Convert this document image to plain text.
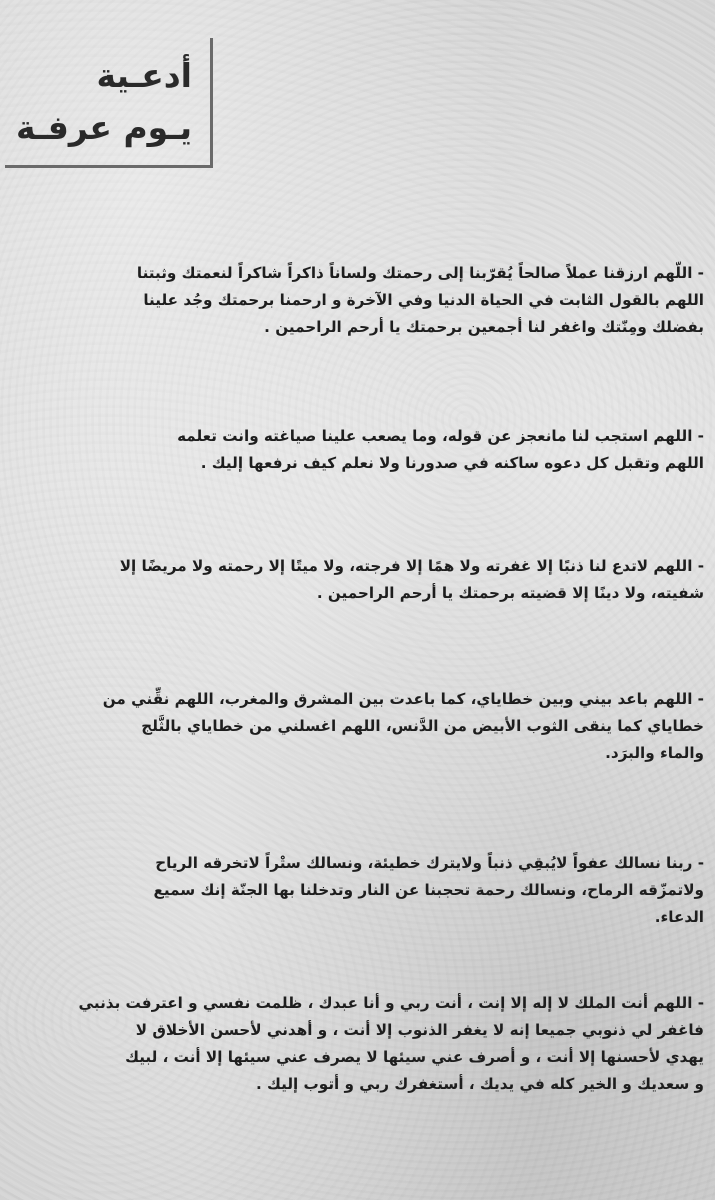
أدعـية
يـوم عرفـة
- اللّهم ارزقنا عملاً صالحاً يُقرّبنا إلى رحمتك ولساناً ذاكراً شاكراً لنعمتك وثبتنا
اللهم بالقول الثابت في الحياة الدنيا وفي الآخرة و ارحمنا برحمتك وجُد علينا
بفضلك ومِنّتك واغفر لنا أجمعين برحمتك يا أرحم الراحمين .
- اللهم استجب لنا مانعجز عن قوله، وما يصعب علينا صياغته وانت تعلمه
اللهم وتقبل كل دعوه ساكنه في صدورنا ولا نعلم كيف نرفعها إليك .
- اللهم لاتدع لنا ذنبًا إلا غفرته ولا همًا إلا فرجته، ولا ميتًا إلا رحمته ولا مريضًا إلا
شفيته، ولا دينًا إلا قضيته برحمتك يا أرحم الراحمين .
- اللهم باعد بيني وبين خطاياي، كما باعدت بين المشرق والمغرب، اللهم نقِّني من
خطاياي كما ينقى الثوب الأبيض من الدَّنس، اللهم اغسلني من خطاياي بالثَّلج
والماء والبرَد.
- ربنا نسالك عفواً لايُبقِي ذنباً ولايترك خطيئة، ونسالك ستْراً لاتخرقه الرياح
ولاتمزّقه الرماح، ونسالك رحمة تحجبنا عن النار وتدخلنا بها الجنّة إنك سميع
الدعاء.
- اللهم أنت الملك لا إله إلا إنت ، أنت ربي و أنا عبدك ، ظلمت نفسي و اعترفت بذنبي
فاغفر لي ذنوبي جميعا إنه لا يغفر الذنوب إلا أنت ، و أهدني لأحسن الأخلاق لا
يهدي لأحسنها إلا أنت ، و أصرف عني سيئها لا يصرف عني سيئها إلا أنت ، لبيك
و سعديك و الخير كله في يديك ، أستغفرك ربي و أتوب إليك .
